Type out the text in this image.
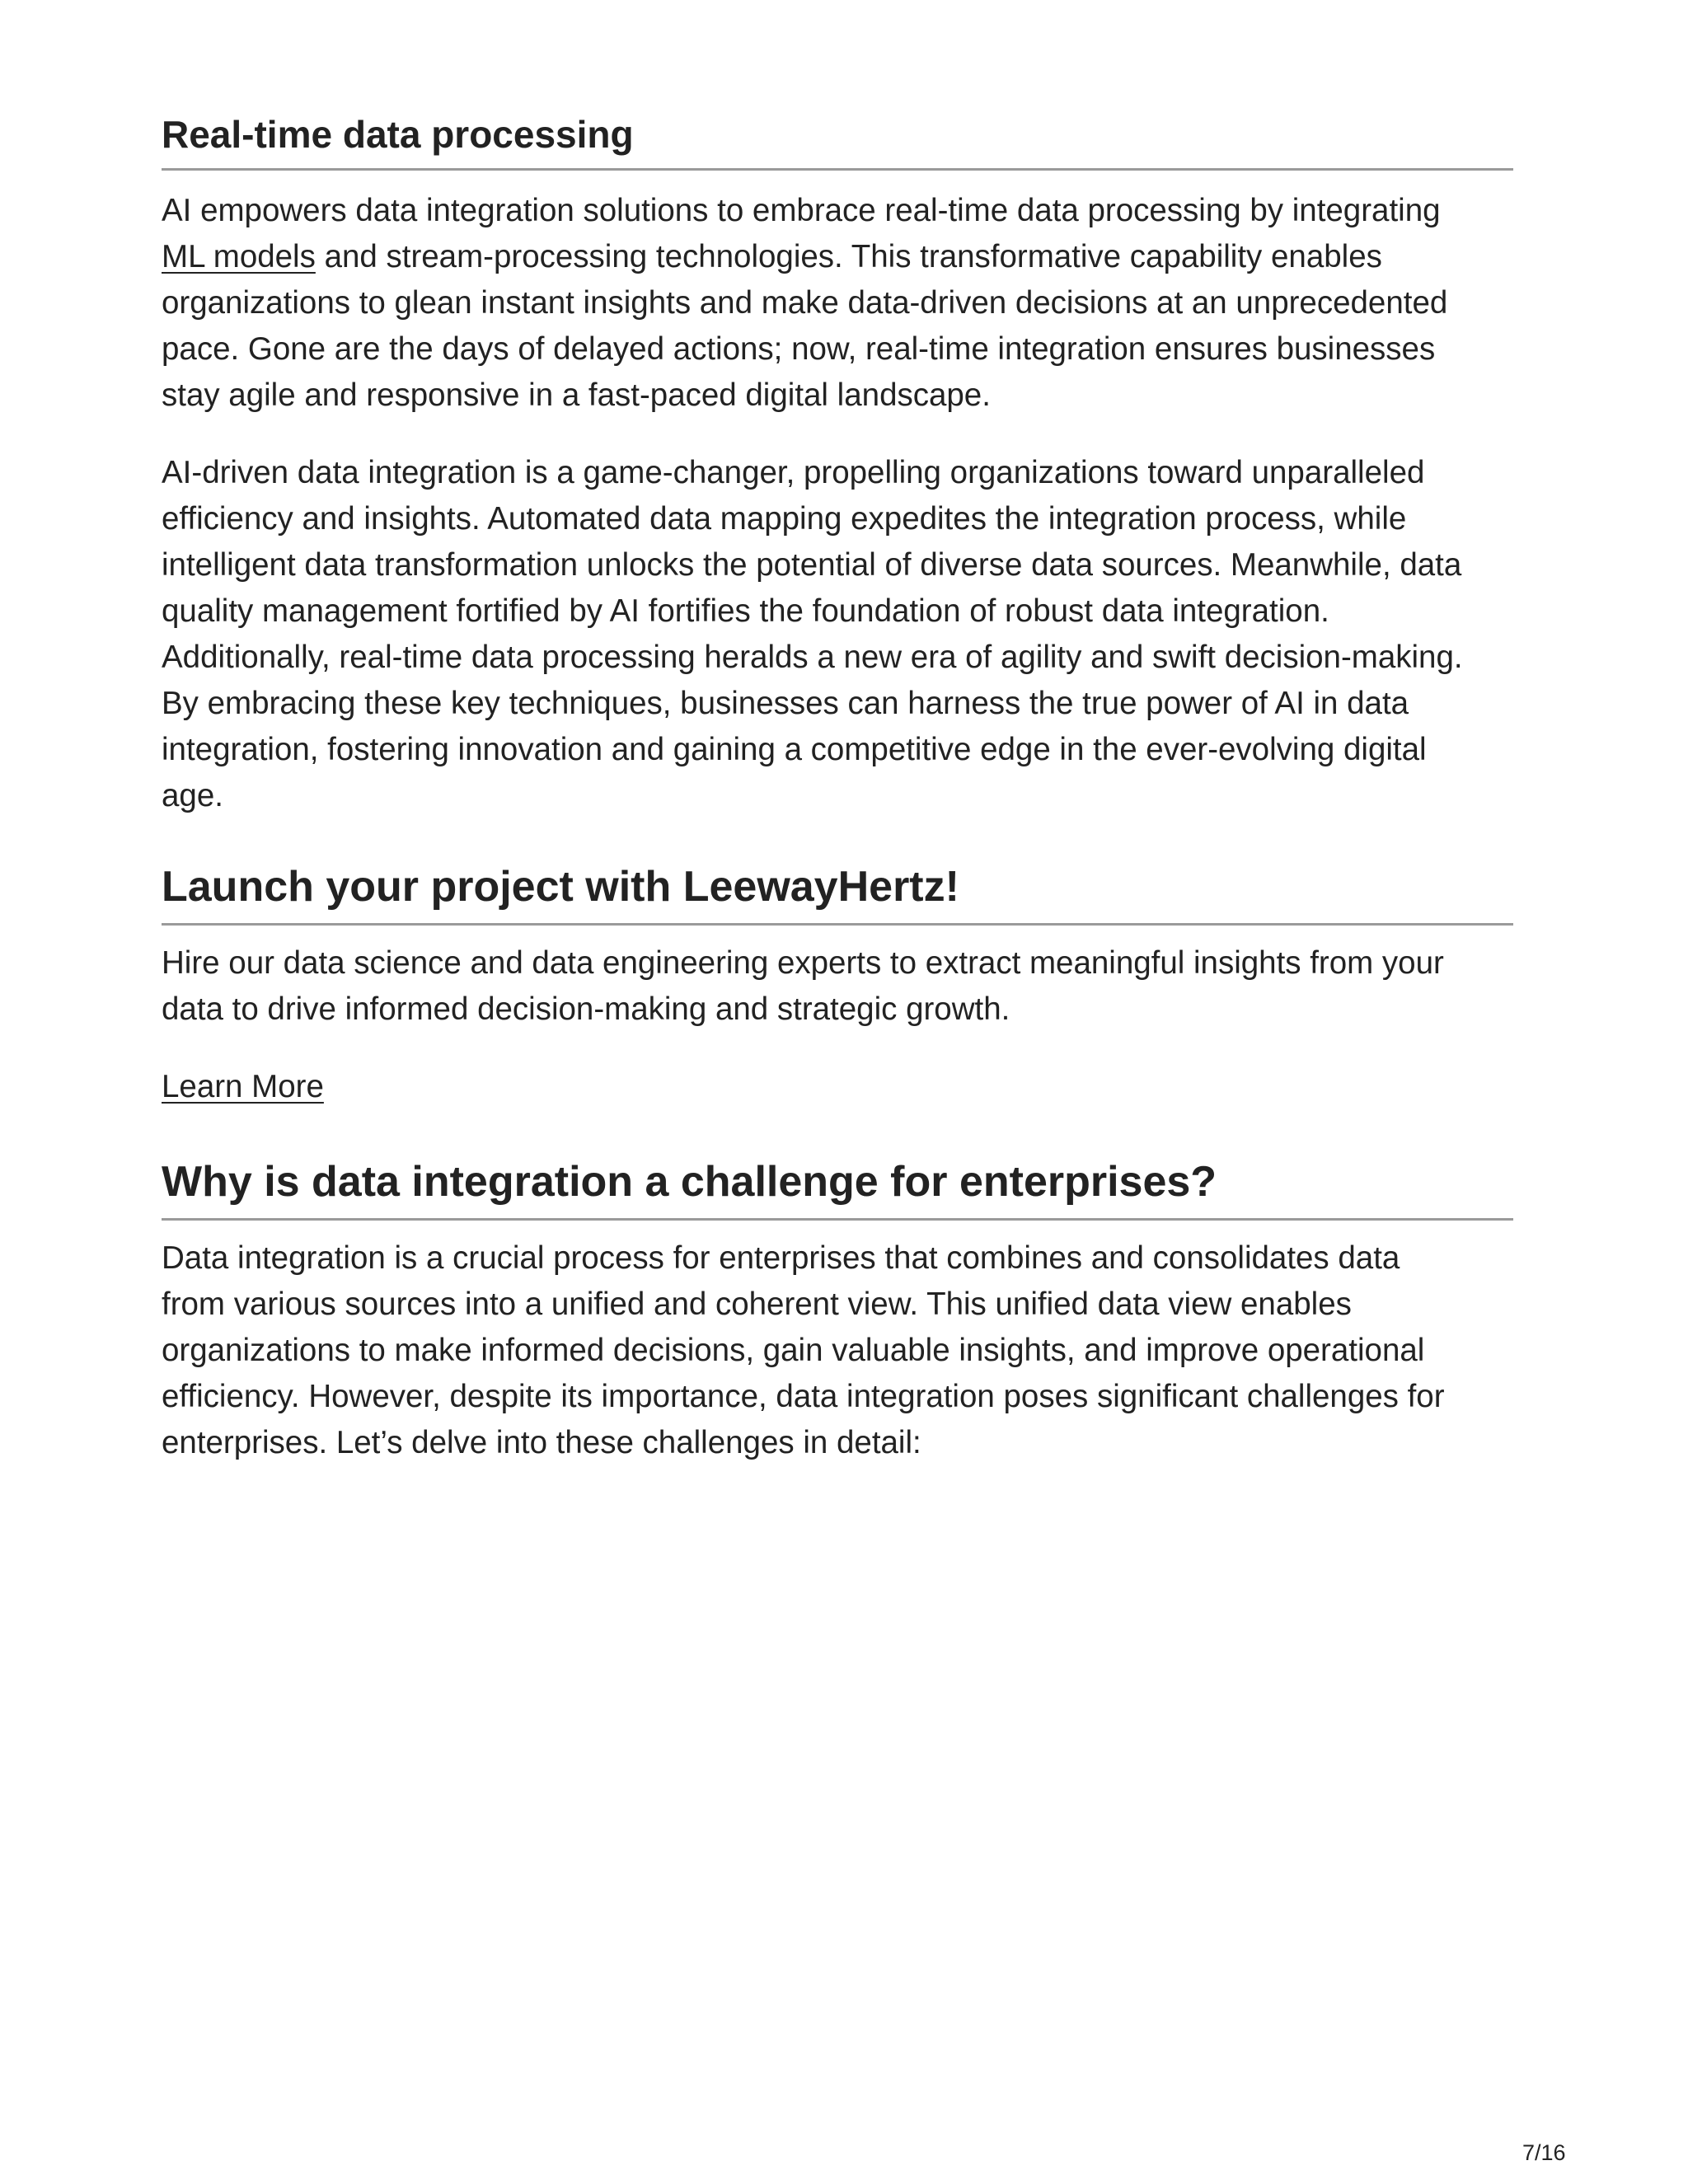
Real-time data processing

AI empowers data integration solutions to embrace real-time data processing by integrating
ML models and stream-processing technologies. This transformative capability enables
organizations to glean instant insights and make data-driven decisions at an unprecedented
pace. Gone are the days of delayed actions; now, real-time integration ensures businesses
stay agile and responsive in a fast-paced digital landscape.

AI-driven data integration is a game-changer, propelling organizations toward unparalleled
efficiency and insights. Automated data mapping expedites the integration process, while
intelligent data transformation unlocks the potential of diverse data sources. Meanwhile, data
quality management fortified by AI fortifies the foundation of robust data integration.
Additionally, real-time data processing heralds a new era of agility and swift decision-making.
By embracing these key techniques, businesses can harness the true power of AI in data
integration, fostering innovation and gaining a competitive edge in the ever-evolving digital
age.

Launch your project with LeewayHertz!

Hire our data science and data engineering experts to extract meaningful insights from your
data to drive informed decision-making and strategic growth.

Learn More
Why is data integration a challenge for enterprises?

Data integration is a crucial process for enterprises that combines and consolidates data
from various sources into a unified and coherent view. This unified data view enables
organizations to make informed decisions, gain valuable insights, and improve operational
efficiency. However, despite its importance, data integration poses significant challenges for
enterprises. Let’s delve into these challenges in detail:

7/16
